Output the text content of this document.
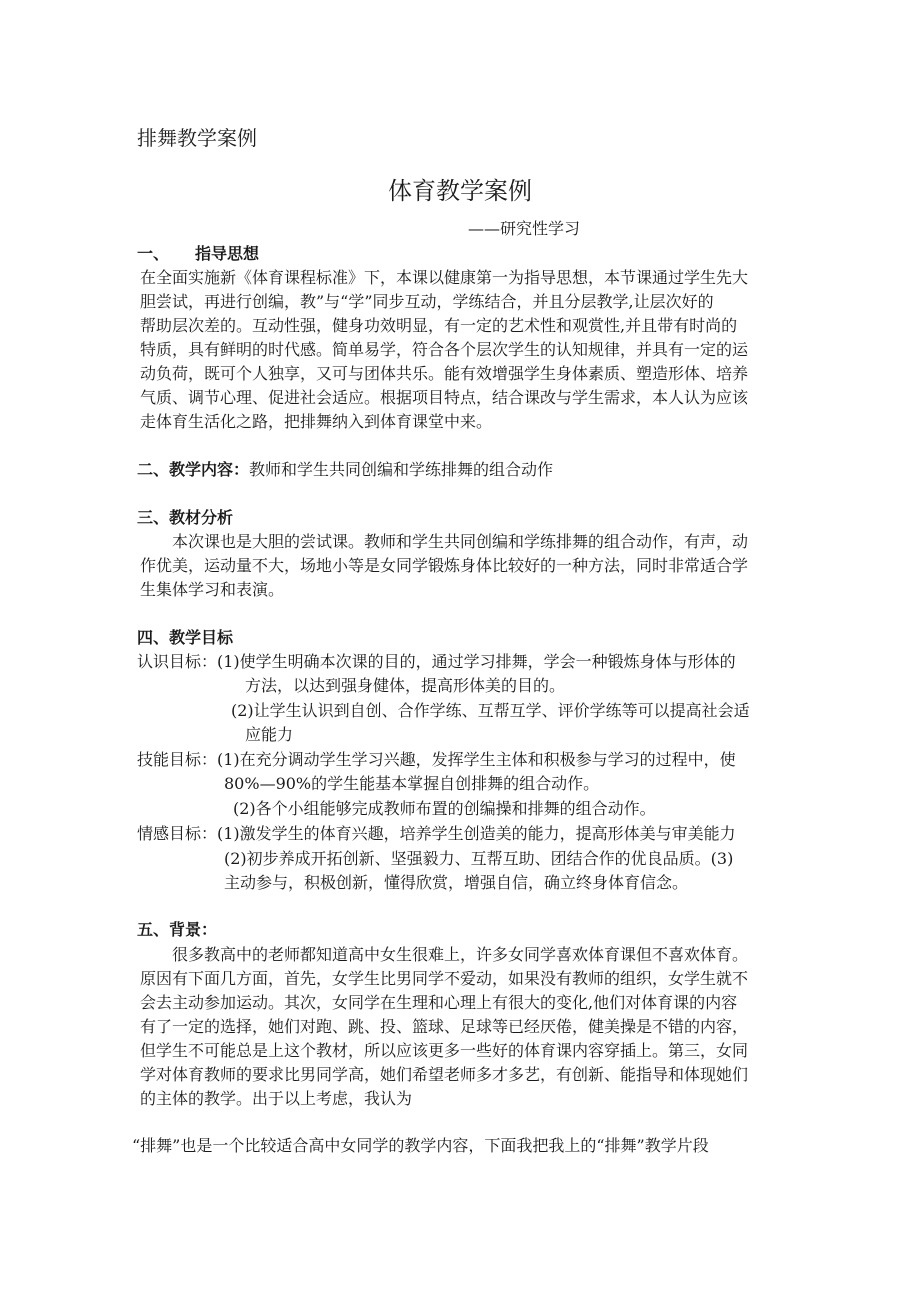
排舞教学案例
体育教学案例
——研究性学习
一、 指导思想
在全面实施新《体育课程标准》下，本课以健康第一为指导思想，本节课通过学生先大
胆尝试，再进行创编，教”与“学”同步互动，学练结合，并且分层教学,让层次好的
帮助层次差的。互动性强，健身功效明显，有一定的艺术性和观赏性,并且带有时尚的
特质，具有鲜明的时代感。简单易学，符合各个层次学生的认知规律，并具有一定的运
动负荷，既可个人独享，又可与团体共乐。能有效增强学生身体素质、塑造形体、培养
气质、调节心理、促进社会适应。根据项目特点，结合课改与学生需求，本人认为应该
走体育生活化之路，把排舞纳入到体育课堂中来。
二、教学内容：教师和学生共同创编和学练排舞的组合动作
三、教材分析
本次课也是大胆的尝试课。教师和学生共同创编和学练排舞的组合动作，有声，动
作优美，运动量不大，场地小等是女同学锻炼身体比较好的一种方法，同时非常适合学
生集体学习和表演。
四、教学目标
认识目标：(1)使学生明确本次课的目的，通过学习排舞，学会一种锻炼身体与形体的
方法，以达到强身健体，提高形体美的目的。
(2)让学生认识到自创、合作学练、互帮互学、评价学练等可以提高社会适
应能力
技能目标：(1)在充分调动学生学习兴趣，发挥学生主体和积极参与学习的过程中，使
80%—90%的学生能基本掌握自创排舞的组合动作。
(2)各个小组能够完成教师布置的创编操和排舞的组合动作。
情感目标：(1)激发学生的体育兴趣，培养学生创造美的能力，提高形体美与审美能力
(2)初步养成开拓创新、坚强毅力、互帮互助、团结合作的优良品质。(3)
主动参与，积极创新，懂得欣赏，增强自信，确立终身体育信念。
五、背景：
很多教高中的老师都知道高中女生很难上，许多女同学喜欢体育课但不喜欢体育。
原因有下面几方面，首先，女学生比男同学不爱动，如果没有教师的组织，女学生就不
会去主动参加运动。其次，女同学在生理和心理上有很大的变化,他们对体育课的内容
有了一定的选择，她们对跑、跳、投、篮球、足球等已经厌倦，健美操是不错的内容，
但学生不可能总是上这个教材，所以应该更多一些好的体育课内容穿插上。第三，女同
学对体育教师的要求比男同学高，她们希望老师多才多艺，有创新、能指导和体现她们
的主体的教学。出于以上考虑，我认为
“排舞”也是一个比较适合高中女同学的教学内容，下面我把我上的“排舞”教学片段
